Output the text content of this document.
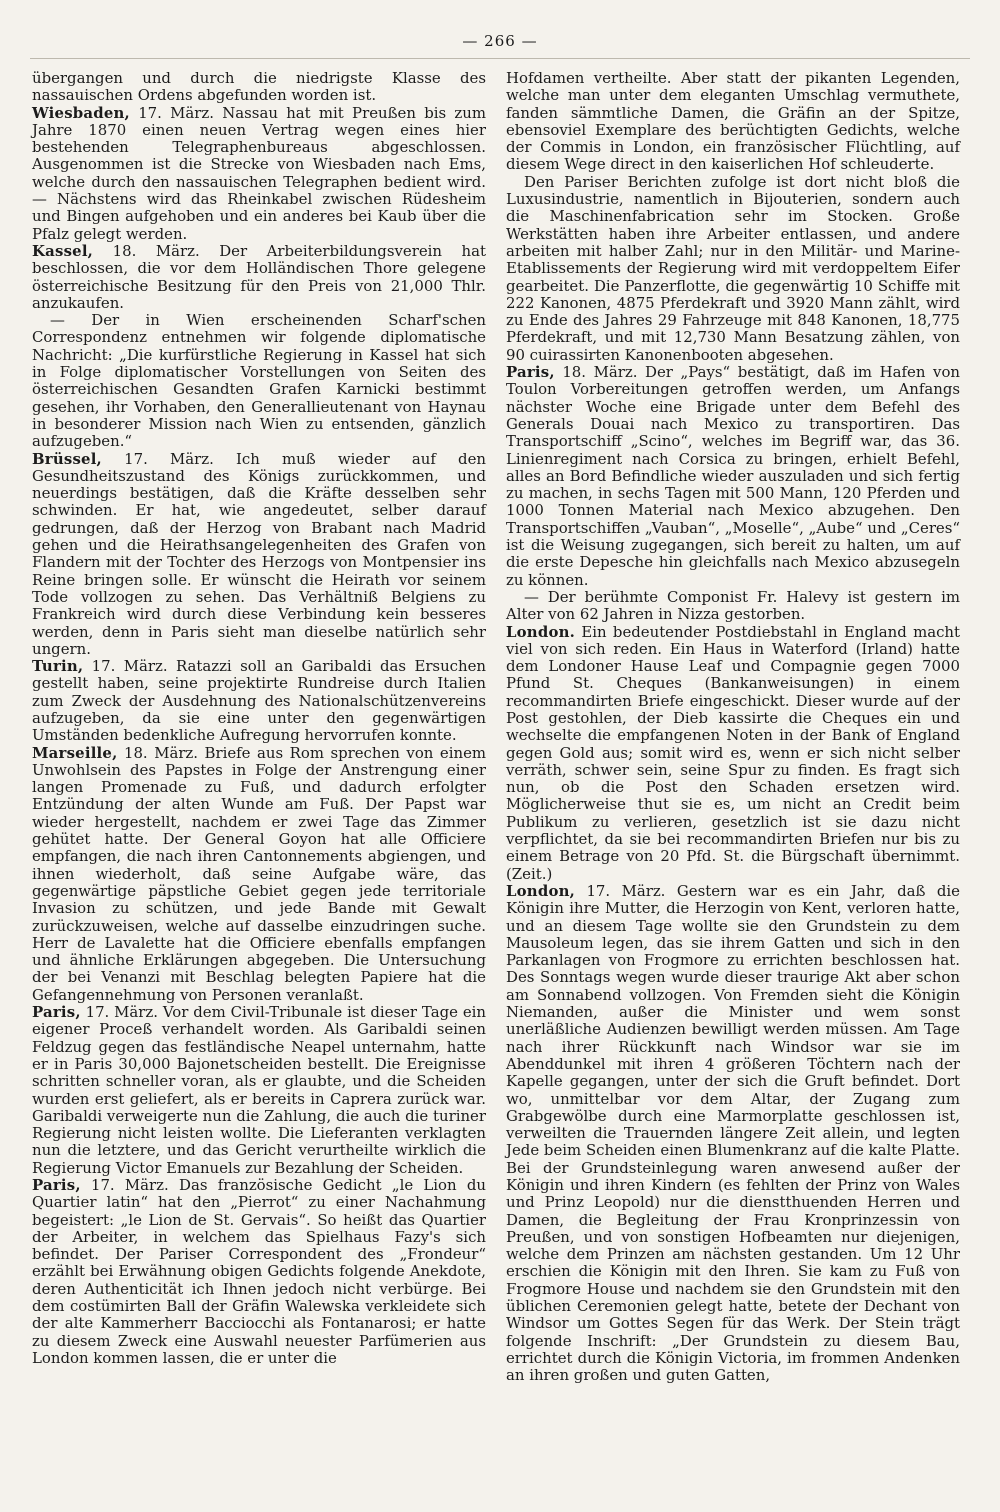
— 266 —

übergangen und durch die niedrigste Klasse des nassauischen Ordens abgefunden worden ist.

Wiesbaden, 17. März. Nassau hat mit Preußen bis zum Jahre 1870 einen neuen Vertrag wegen eines hier bestehenden Telegraphenbureaus abgeschlossen. Ausgenommen ist die Strecke von Wiesbaden nach Ems, welche durch den nassauischen Telegraphen bedient wird. — Nächstens wird das Rheinkabel zwischen Rüdesheim und Bingen aufgehoben und ein anderes bei Kaub über die Pfalz gelegt werden.

Kassel, 18. März. Der Arbeiterbildungsverein hat beschlossen, die vor dem Holländischen Thore gelegene österreichische Besitzung für den Preis von 21,000 Thlr. anzukaufen.

— Der in Wien erscheinenden Scharf'schen Correspondenz entnehmen wir folgende diplomatische Nachricht: „Die kurfürstliche Regierung in Kassel hat sich in Folge diplomatischer Vorstellungen von Seiten des österreichischen Gesandten Grafen Karnicki bestimmt gesehen, ihr Vorhaben, den Generallieutenant von Haynau in besonderer Mission nach Wien zu entsenden, gänzlich aufzugeben.“

Brüssel, 17. März. Ich muß wieder auf den Gesundheitszustand des Königs zurückkommen, und neuerdings bestätigen, daß die Kräfte desselben sehr schwinden. Er hat, wie angedeutet, selber darauf gedrungen, daß der Herzog von Brabant nach Madrid gehen und die Heirathsangelegenheiten des Grafen von Flandern mit der Tochter des Herzogs von Montpensier ins Reine bringen solle. Er wünscht die Heirath vor seinem Tode vollzogen zu sehen. Das Verhältniß Belgiens zu Frankreich wird durch diese Verbindung kein besseres werden, denn in Paris sieht man dieselbe natürlich sehr ungern.

Turin, 17. März. Ratazzi soll an Garibaldi das Ersuchen gestellt haben, seine projektirte Rundreise durch Italien zum Zweck der Ausdehnung des Nationalschützenvereins aufzugeben, da sie eine unter den gegenwärtigen Umständen bedenkliche Aufregung hervorrufen konnte.

Marseille, 18. März. Briefe aus Rom sprechen von einem Unwohlsein des Papstes in Folge der Anstrengung einer langen Promenade zu Fuß, und dadurch erfolgter Entzündung der alten Wunde am Fuß. Der Papst war wieder hergestellt, nachdem er zwei Tage das Zimmer gehütet hatte. Der General Goyon hat alle Officiere empfangen, die nach ihren Cantonnements abgiengen, und ihnen wiederholt, daß seine Aufgabe wäre, das gegenwärtige päpstliche Gebiet gegen jede territoriale Invasion zu schützen, und jede Bande mit Gewalt zurückzuweisen, welche auf dasselbe einzudringen suche. Herr de Lavalette hat die Officiere ebenfalls empfangen und ähnliche Erklärungen abgegeben. Die Untersuchung der bei Venanzi mit Beschlag belegten Papiere hat die Gefangennehmung von Personen veranlaßt.

Paris, 17. März. Vor dem Civil-Tribunale ist dieser Tage ein eigener Proceß verhandelt worden. Als Garibaldi seinen Feldzug gegen das festländische Neapel unternahm, hatte er in Paris 30,000 Bajonetscheiden bestellt. Die Ereignisse schritten schneller voran, als er glaubte, und die Scheiden wurden erst geliefert, als er bereits in Caprera zurück war. Garibaldi verweigerte nun die Zahlung, die auch die turiner Regierung nicht leisten wollte. Die Lieferanten verklagten nun die letztere, und das Gericht verurtheilte wirklich die Regierung Victor Emanuels zur Bezahlung der Scheiden.

Paris, 17. März. Das französische Gedicht „le Lion du Quartier latin“ hat den „Pierrot“ zu einer Nachahmung begeistert: „le Lion de St. Gervais“. So heißt das Quartier der Arbeiter, in welchem das Spielhaus Fazy's sich befindet. Der Pariser Correspondent des „Frondeur“ erzählt bei Erwähnung obigen Gedichts folgende Anekdote, deren Authenticität ich Ihnen jedoch nicht verbürge. Bei dem costümirten Ball der Gräfin Walewska verkleidete sich der alte Kammerherr Bacciocchi als Fontanarosi; er hatte zu diesem Zweck eine Auswahl neuester Parfümerien aus London kommen lassen, die er unter die

Hofdamen vertheilte. Aber statt der pikanten Legenden, welche man unter dem eleganten Umschlag vermuthete, fanden sämmtliche Damen, die Gräfin an der Spitze, ebensoviel Exemplare des berüchtigten Gedichts, welche der Commis in London, ein französischer Flüchtling, auf diesem Wege direct in den kaiserlichen Hof schleuderte.

Den Pariser Berichten zufolge ist dort nicht bloß die Luxusindustrie, namentlich in Bijouterien, sondern auch die Maschinenfabrication sehr im Stocken. Große Werkstätten haben ihre Arbeiter entlassen, und andere arbeiten mit halber Zahl; nur in den Militär- und Marine-Etablissements der Regierung wird mit verdoppeltem Eifer gearbeitet. Die Panzerflotte, die gegenwärtig 10 Schiffe mit 222 Kanonen, 4875 Pferdekraft und 3920 Mann zählt, wird zu Ende des Jahres 29 Fahrzeuge mit 848 Kanonen, 18,775 Pferdekraft, und mit 12,730 Mann Besatzung zählen, von 90 cuirassirten Kanonenbooten abgesehen.

Paris, 18. März. Der „Pays“ bestätigt, daß im Hafen von Toulon Vorbereitungen getroffen werden, um Anfangs nächster Woche eine Brigade unter dem Befehl des Generals Douai nach Mexico zu transportiren. Das Transportschiff „Scino“, welches im Begriff war, das 36. Linienregiment nach Corsica zu bringen, erhielt Befehl, alles an Bord Befindliche wieder auszuladen und sich fertig zu machen, in sechs Tagen mit 500 Mann, 120 Pferden und 1000 Tonnen Material nach Mexico abzugehen. Den Transportschiffen „Vauban“, „Moselle“, „Aube“ und „Ceres“ ist die Weisung zugegangen, sich bereit zu halten, um auf die erste Depesche hin gleichfalls nach Mexico abzusegeln zu können.

— Der berühmte Componist Fr. Halevy ist gestern im Alter von 62 Jahren in Nizza gestorben.

London. Ein bedeutender Postdiebstahl in England macht viel von sich reden. Ein Haus in Waterford (Irland) hatte dem Londoner Hause Leaf und Compagnie gegen 7000 Pfund St. Cheques (Bankanweisungen) in einem recommandirten Briefe eingeschickt. Dieser wurde auf der Post gestohlen, der Dieb kassirte die Cheques ein und wechselte die empfangenen Noten in der Bank of England gegen Gold aus; somit wird es, wenn er sich nicht selber verräth, schwer sein, seine Spur zu finden. Es fragt sich nun, ob die Post den Schaden ersetzen wird. Möglicherweise thut sie es, um nicht an Credit beim Publikum zu verlieren, gesetzlich ist sie dazu nicht verpflichtet, da sie bei recommandirten Briefen nur bis zu einem Betrage von 20 Pfd. St. die Bürgschaft übernimmt. (Zeit.)

London, 17. März. Gestern war es ein Jahr, daß die Königin ihre Mutter, die Herzogin von Kent, verloren hatte, und an diesem Tage wollte sie den Grundstein zu dem Mausoleum legen, das sie ihrem Gatten und sich in den Parkanlagen von Frogmore zu errichten beschlossen hat. Des Sonntags wegen wurde dieser traurige Akt aber schon am Sonnabend vollzogen. Von Fremden sieht die Königin Niemanden, außer die Minister und wem sonst unerläßliche Audienzen bewilligt werden müssen. Am Tage nach ihrer Rückkunft nach Windsor war sie im Abenddunkel mit ihren 4 größeren Töchtern nach der Kapelle gegangen, unter der sich die Gruft befindet. Dort wo, unmittelbar vor dem Altar, der Zugang zum Grabgewölbe durch eine Marmorplatte geschlossen ist, verweilten die Trauernden längere Zeit allein, und legten Jede beim Scheiden einen Blumenkranz auf die kalte Platte. Bei der Grundsteinlegung waren anwesend außer der Königin und ihren Kindern (es fehlten der Prinz von Wales und Prinz Leopold) nur die dienstthuenden Herren und Damen, die Begleitung der Frau Kronprinzessin von Preußen, und von sonstigen Hofbeamten nur diejenigen, welche dem Prinzen am nächsten gestanden. Um 12 Uhr erschien die Königin mit den Ihren. Sie kam zu Fuß von Frogmore House und nachdem sie den Grundstein mit den üblichen Ceremonien gelegt hatte, betete der Dechant von Windsor um Gottes Segen für das Werk. Der Stein trägt folgende Inschrift: „Der Grundstein zu diesem Bau, errichtet durch die Königin Victoria, im frommen Andenken an ihren großen und guten Gatten,
